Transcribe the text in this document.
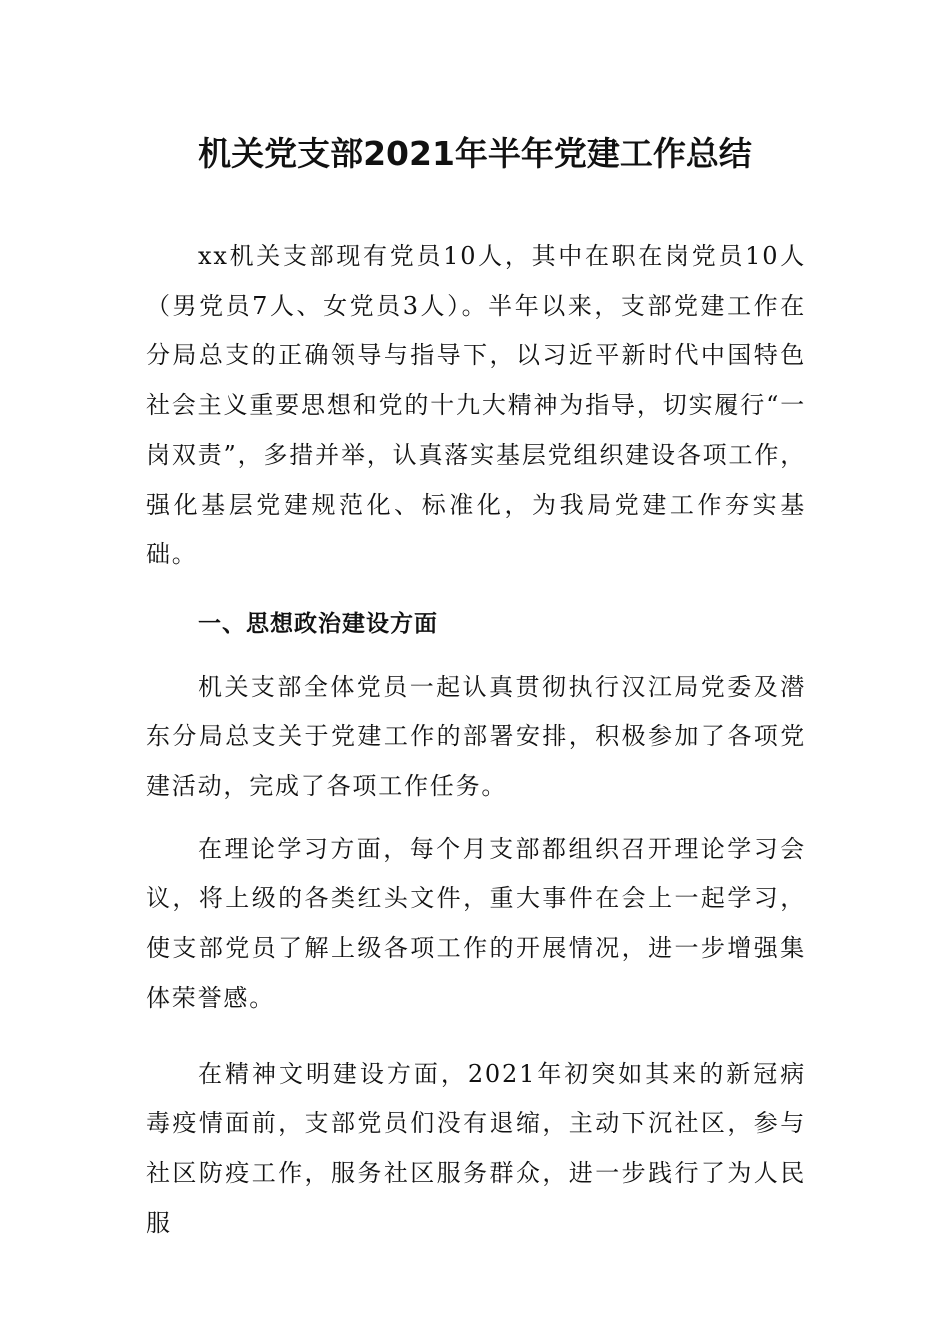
机关党支部2021年半年党建工作总结

xx机关支部现有党员10人，其中在职在岗党员10人（男党员7人、女党员3人）。半年以来，支部党建工作在分局总支的正确领导与指导下，以习近平新时代中国特色社会主义重要思想和党的十九大精神为指导，切实履行“一岗双责”，多措并举，认真落实基层党组织建设各项工作，强化基层党建规范化、标准化，为我局党建工作夯实基础。

一、思想政治建设方面

机关支部全体党员一起认真贯彻执行汉江局党委及潜东分局总支关于党建工作的部署安排，积极参加了各项党建活动，完成了各项工作任务。

在理论学习方面，每个月支部都组织召开理论学习会议，将上级的各类红头文件，重大事件在会上一起学习，使支部党员了解上级各项工作的开展情况，进一步增强集体荣誉感。

在精神文明建设方面，2021年初突如其来的新冠病毒疫情面前，支部党员们没有退缩，主动下沉社区，参与社区防疫工作，服务社区服务群众，进一步践行了为人民服
